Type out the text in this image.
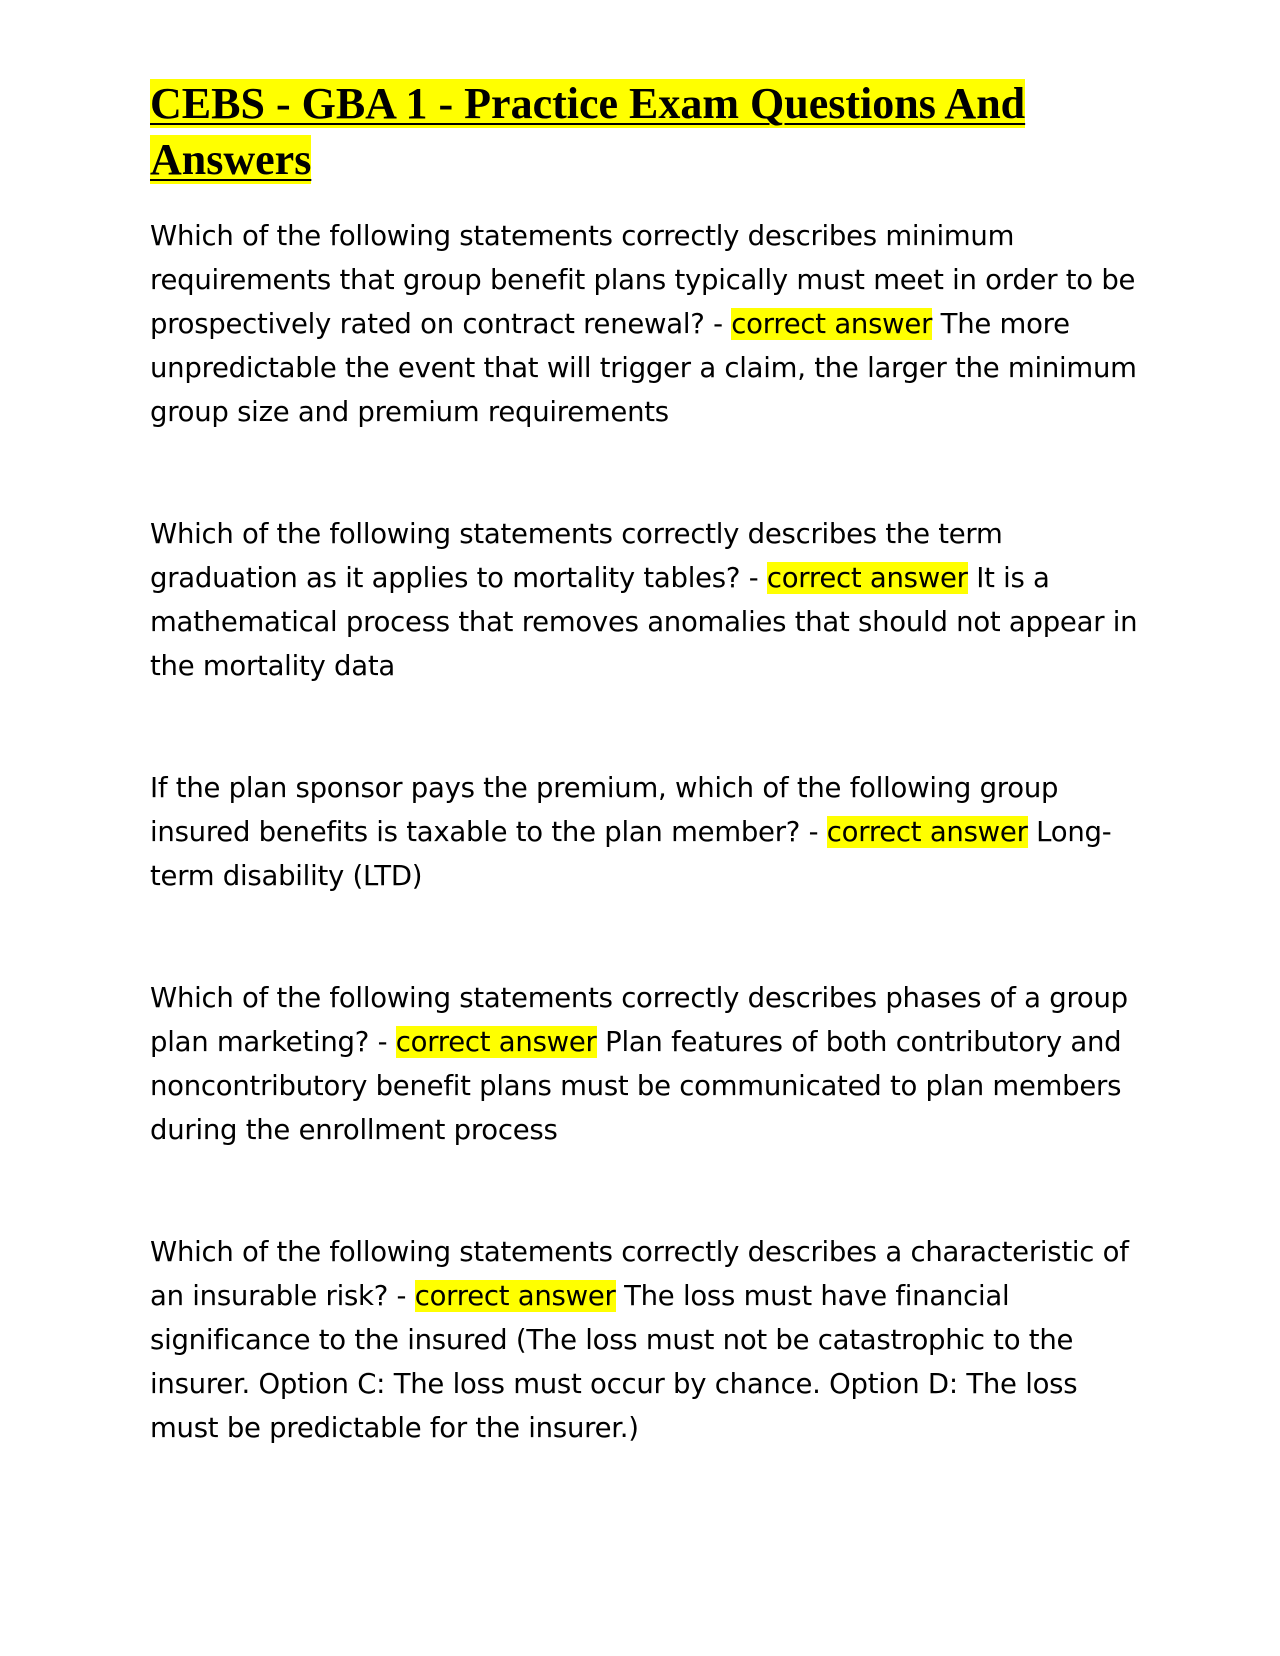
CEBS - GBA 1 - Practice Exam Questions And Answers

Which of the following statements correctly describes minimum requirements that group benefit plans typically must meet in order to be prospectively rated on contract renewal? - correct answer The more unpredictable the event that will trigger a claim, the larger the minimum group size and premium requirements

Which of the following statements correctly describes the term graduation as it applies to mortality tables? - correct answer It is a mathematical process that removes anomalies that should not appear in the mortality data

If the plan sponsor pays the premium, which of the following group insured benefits is taxable to the plan member? - correct answer Long-term disability (LTD)

Which of the following statements correctly describes phases of a group plan marketing? - correct answer Plan features of both contributory and noncontributory benefit plans must be communicated to plan members during the enrollment process

Which of the following statements correctly describes a characteristic of an insurable risk? - correct answer The loss must have financial significance to the insured (The loss must not be catastrophic to the insurer. Option C: The loss must occur by chance. Option D: The loss must be predictable for the insurer.)
